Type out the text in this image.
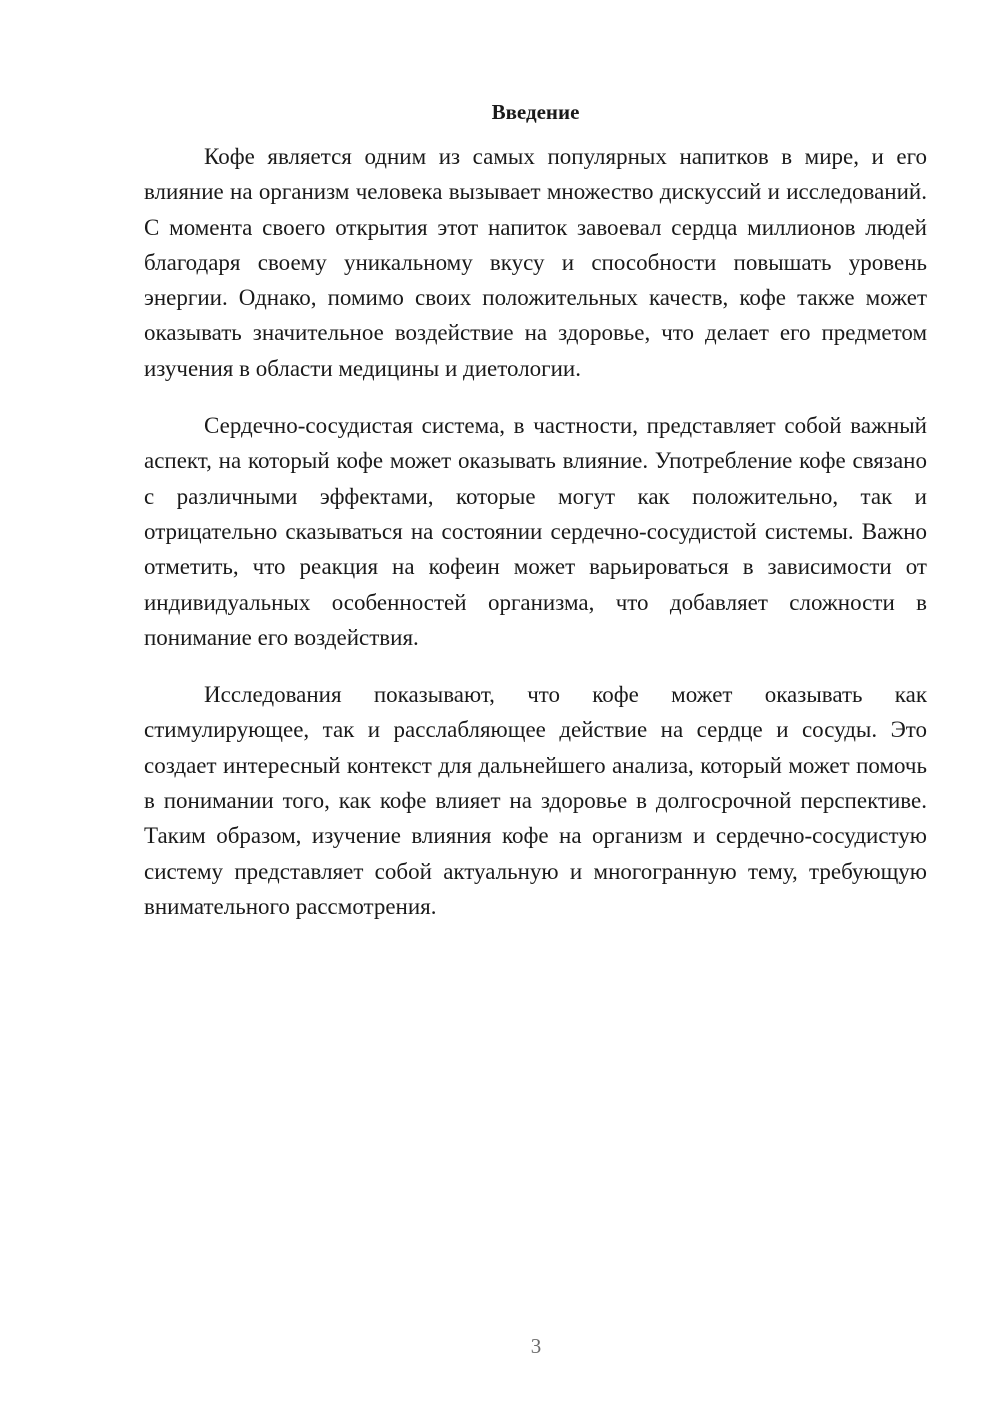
Введение

Кофе является одним из самых популярных напитков в мире, и его влияние на организм человека вызывает множество дискуссий и исследований. С момента своего открытия этот напиток завоевал сердца миллионов людей благодаря своему уникальному вкусу и способности повышать уровень энергии. Однако, помимо своих положительных качеств, кофе также может оказывать значительное воздействие на здоровье, что делает его предметом изучения в области медицины и диетологии.

Сердечно-сосудистая система, в частности, представляет собой важный аспект, на который кофе может оказывать влияние. Употребление кофе связано с различными эффектами, которые могут как положительно, так и отрицательно сказываться на состоянии сердечно-сосудистой системы. Важно отметить, что реакция на кофеин может варьироваться в зависимости от индивидуальных особенностей организма, что добавляет сложности в понимание его воздействия.

Исследования показывают, что кофе может оказывать как стимулирующее, так и расслабляющее действие на сердце и сосуды. Это создает интересный контекст для дальнейшего анализа, который может помочь в понимании того, как кофе влияет на здоровье в долгосрочной перспективе. Таким образом, изучение влияния кофе на организм и сердечно-сосудистую систему представляет собой актуальную и многогранную тему, требующую внимательного рассмотрения.

3
